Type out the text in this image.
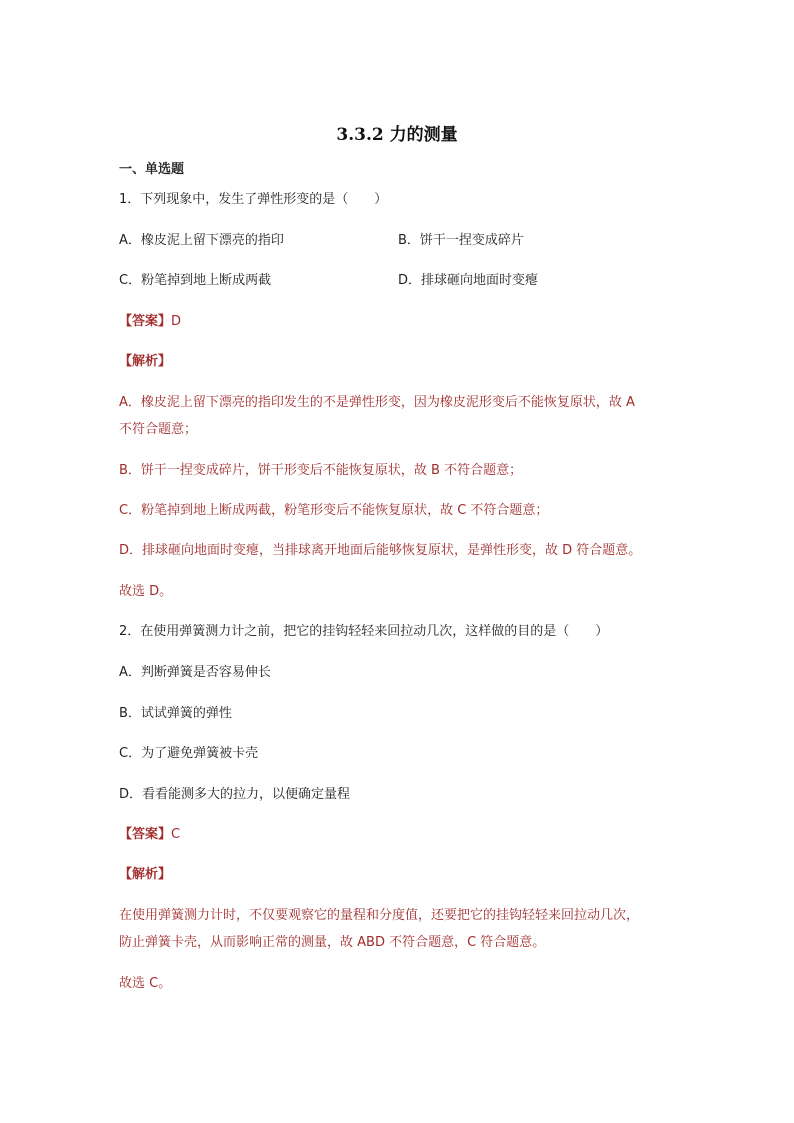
3.3.2 力的测量
一、单选题
1．下列现象中，发生了弹性形变的是（　　）
A．橡皮泥上留下漂亮的指印	B．饼干一捏变成碎片
C．粉笔掉到地上断成两截	D．排球砸向地面时变瘪
【答案】D
【解析】
A．橡皮泥上留下漂亮的指印发生的不是弹性形变，因为橡皮泥形变后不能恢复原状，故 A
不符合题意；
B．饼干一捏变成碎片，饼干形变后不能恢复原状，故 B 不符合题意；
C．粉笔掉到地上断成两截，粉笔形变后不能恢复原状，故 C 不符合题意；
D．排球砸向地面时变瘪，当排球离开地面后能够恢复原状，是弹性形变，故 D 符合题意。
故选 D。
2．在使用弹簧测力计之前，把它的挂钩轻轻来回拉动几次，这样做的目的是（　　）
A．判断弹簧是否容易伸长
B．试试弹簧的弹性
C．为了避免弹簧被卡壳
D．看看能测多大的拉力，以便确定量程
【答案】C
【解析】
在使用弹簧测力计时，不仅要观察它的量程和分度值，还要把它的挂钩轻轻来回拉动几次，
防止弹簧卡壳，从而影响正常的测量，故 ABD 不符合题意，C 符合题意。
故选 C。
